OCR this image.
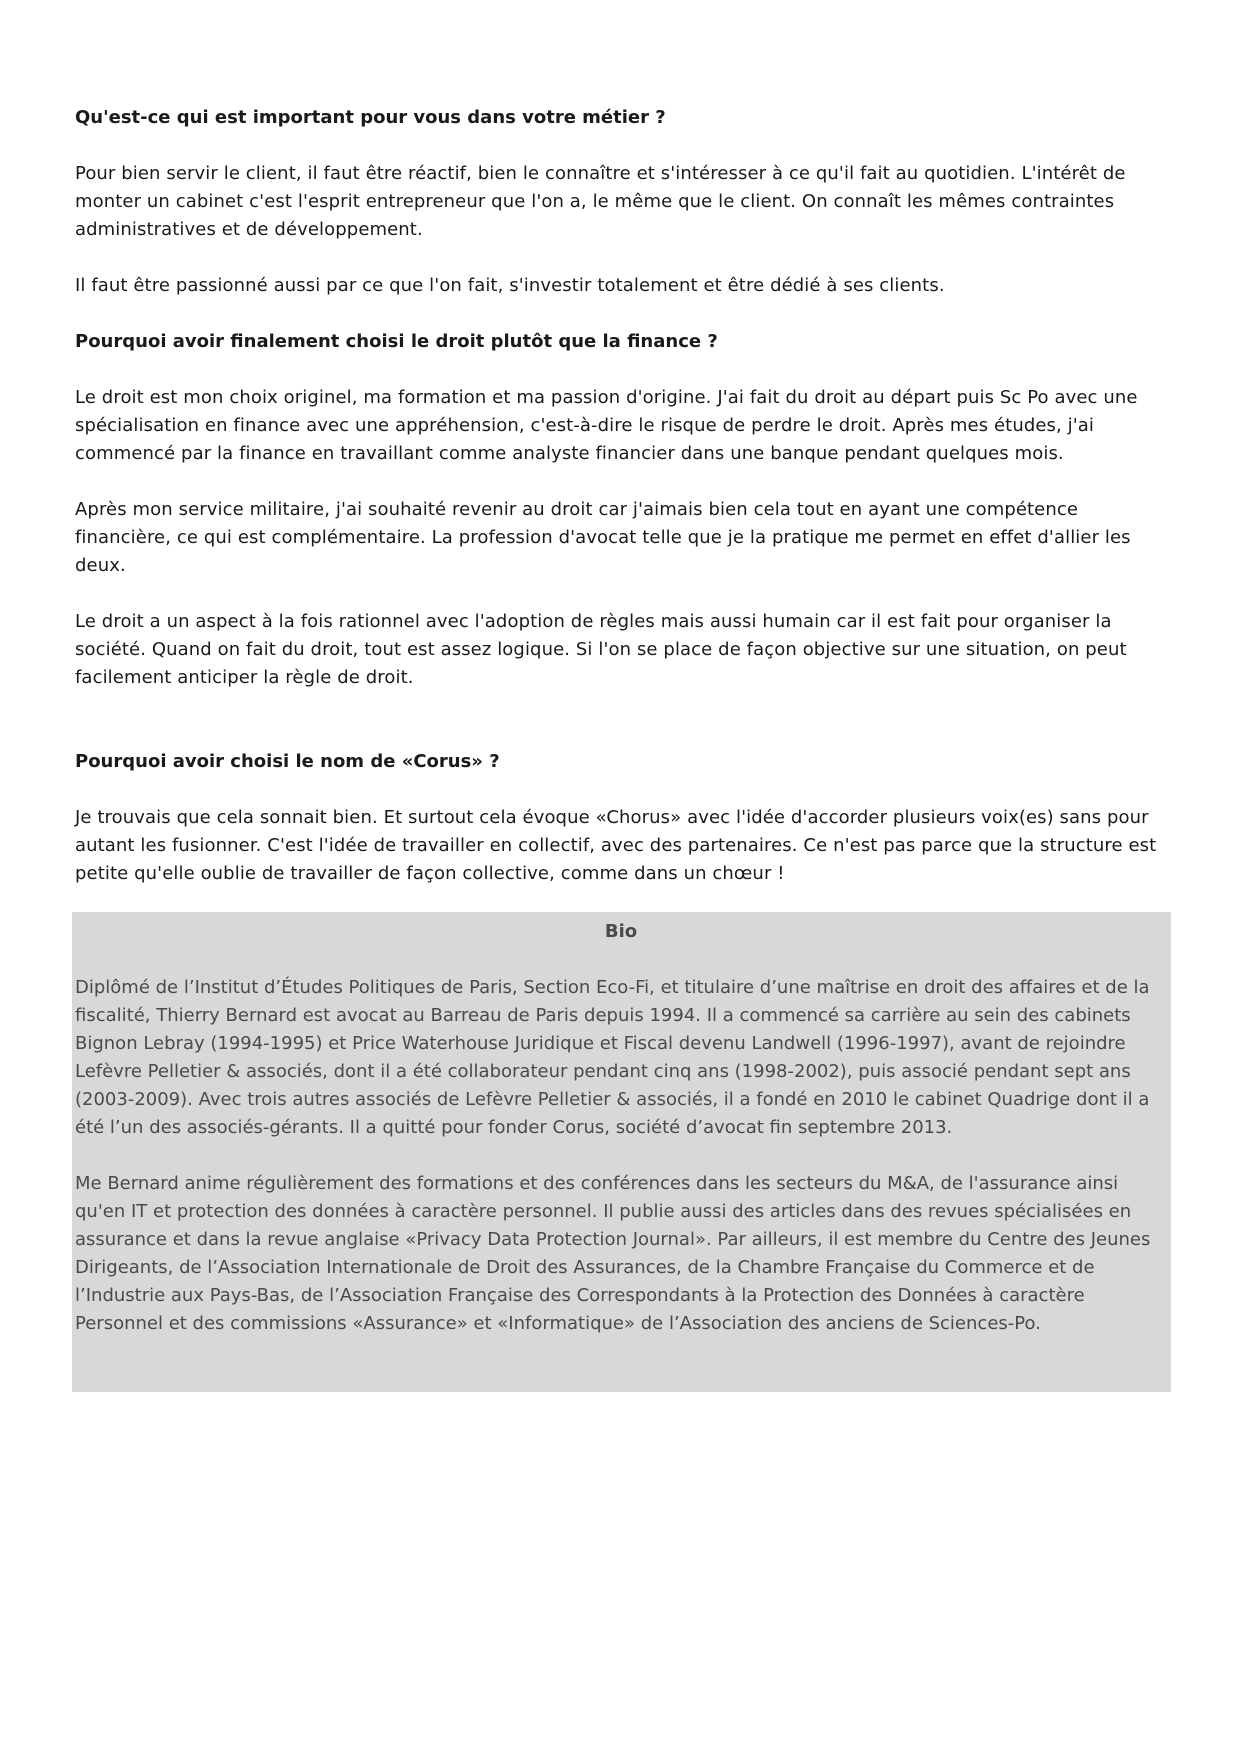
Qu'est-ce qui est important pour vous dans votre métier ?

Pour bien servir le client, il faut être réactif, bien le connaître et s'intéresser à ce qu'il fait au quotidien. L'intérêt de monter un cabinet c'est l'esprit entrepreneur que l'on a, le même que le client. On connaît les mêmes contraintes administratives et de développement.

Il faut être passionné aussi par ce que l'on fait, s'investir totalement et être dédié à ses clients.

Pourquoi avoir finalement choisi le droit plutôt que la finance ?

Le droit est mon choix originel, ma formation et ma passion d'origine. J'ai fait du droit au départ puis Sc Po avec une spécialisation en finance avec une appréhension, c'est-à-dire le risque de perdre le droit. Après mes études, j'ai commencé par la finance en travaillant comme analyste financier dans une banque pendant quelques mois.

Après mon service militaire, j'ai souhaité revenir au droit car j'aimais bien cela tout en ayant une compétence financière, ce qui est complémentaire. La profession d'avocat telle que je la pratique me permet en effet d'allier les deux.

Le droit a un aspect à la fois rationnel avec l'adoption de règles mais aussi humain car il est fait pour organiser la société. Quand on fait du droit, tout est assez logique. Si l'on se place de façon objective sur une situation, on peut facilement anticiper la règle de droit.

Pourquoi avoir choisi le nom de «Corus» ?

Je trouvais que cela sonnait bien. Et surtout cela évoque «Chorus» avec l'idée d'accorder plusieurs voix(es) sans pour autant les fusionner. C'est l'idée de travailler en collectif, avec des partenaires. Ce n'est pas parce que la structure est petite qu'elle oublie de travailler de façon collective, comme dans un chœur !

Bio

Diplômé de l’Institut d’Études Politiques de Paris, Section Eco-Fi, et titulaire d’une maîtrise en droit des affaires et de la fiscalité, Thierry Bernard est avocat au Barreau de Paris depuis 1994. Il a commencé sa carrière au sein des cabinets Bignon Lebray (1994-1995) et Price Waterhouse Juridique et Fiscal devenu Landwell (1996-1997), avant de rejoindre Lefèvre Pelletier & associés, dont il a été collaborateur pendant cinq ans (1998-2002), puis associé pendant sept ans (2003-2009). Avec trois autres associés de Lefèvre Pelletier & associés, il a fondé en 2010 le cabinet Quadrige dont il a été l’un des associés-gérants. Il a quitté pour fonder Corus, société d’avocat fin septembre 2013.

Me Bernard anime régulièrement des formations et des conférences dans les secteurs du M&A, de l'assurance ainsi qu'en IT et protection des données à caractère personnel. Il publie aussi des articles dans des revues spécialisées en assurance et dans la revue anglaise «Privacy Data Protection Journal». Par ailleurs, il est membre du Centre des Jeunes Dirigeants, de l’Association Internationale de Droit des Assurances, de la Chambre Française du Commerce et de l’Industrie aux Pays-Bas, de l’Association Française des Correspondants à la Protection des Données à caractère Personnel et des commissions «Assurance» et «Informatique» de l’Association des anciens de Sciences-Po.
